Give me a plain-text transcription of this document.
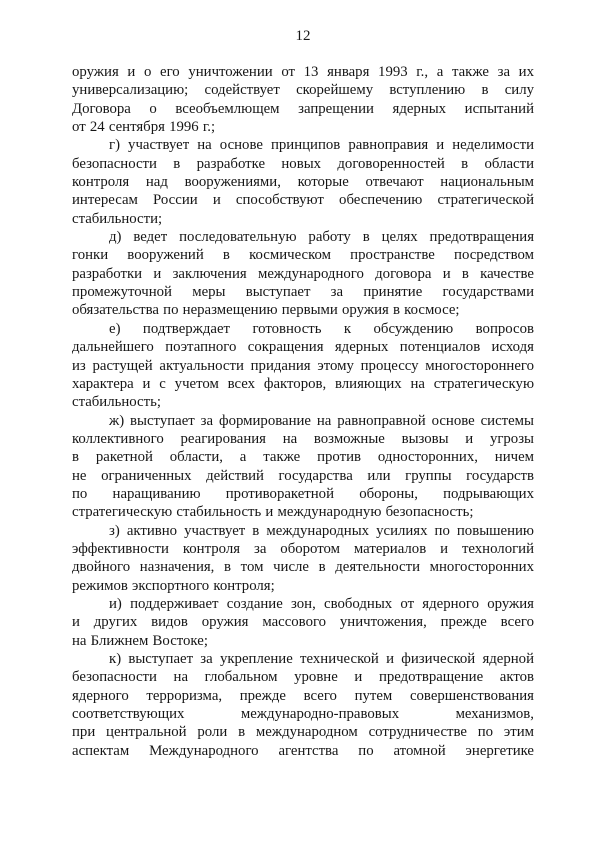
12
оружия и о его уничтожении от 13 января 1993 г., а также за их
универсализацию; содействует скорейшему вступлению в силу
Договора о всеобъемлющем запрещении ядерных испытаний
от 24 сентября 1996 г.;
г) участвует на основе принципов равноправия и неделимости
безопасности в разработке новых договоренностей в области
контроля над вооружениями, которые отвечают национальным
интересам России и способствуют обеспечению стратегической
стабильности;
д) ведет последовательную работу в целях предотвращения
гонки вооружений в космическом пространстве посредством
разработки и заключения международного договора и в качестве
промежуточной меры выступает за принятие государствами
обязательства по неразмещению первыми оружия в космосе;
е) подтверждает готовность к обсуждению вопросов
дальнейшего поэтапного сокращения ядерных потенциалов исходя
из растущей актуальности придания этому процессу многостороннего
характера и с учетом всех факторов, влияющих на стратегическую
стабильность;
ж) выступает за формирование на равноправной основе системы
коллективного реагирования на возможные вызовы и угрозы
в ракетной области, а также против односторонних, ничем
не ограниченных действий государства или группы государств
по наращиванию противоракетной обороны, подрывающих
стратегическую стабильность и международную безопасность;
з) активно участвует в международных усилиях по повышению
эффективности контроля за оборотом материалов и технологий
двойного назначения, в том числе в деятельности многосторонних
режимов экспортного контроля;
и) поддерживает создание зон, свободных от ядерного оружия
и других видов оружия массового уничтожения, прежде всего
на Ближнем Востоке;
к) выступает за укрепление технической и физической ядерной
безопасности на глобальном уровне и предотвращение актов
ядерного терроризма, прежде всего путем совершенствования
соответствующих международно-правовых механизмов,
при центральной роли в международном сотрудничестве по этим
аспектам Международного агентства по атомной энергетике
